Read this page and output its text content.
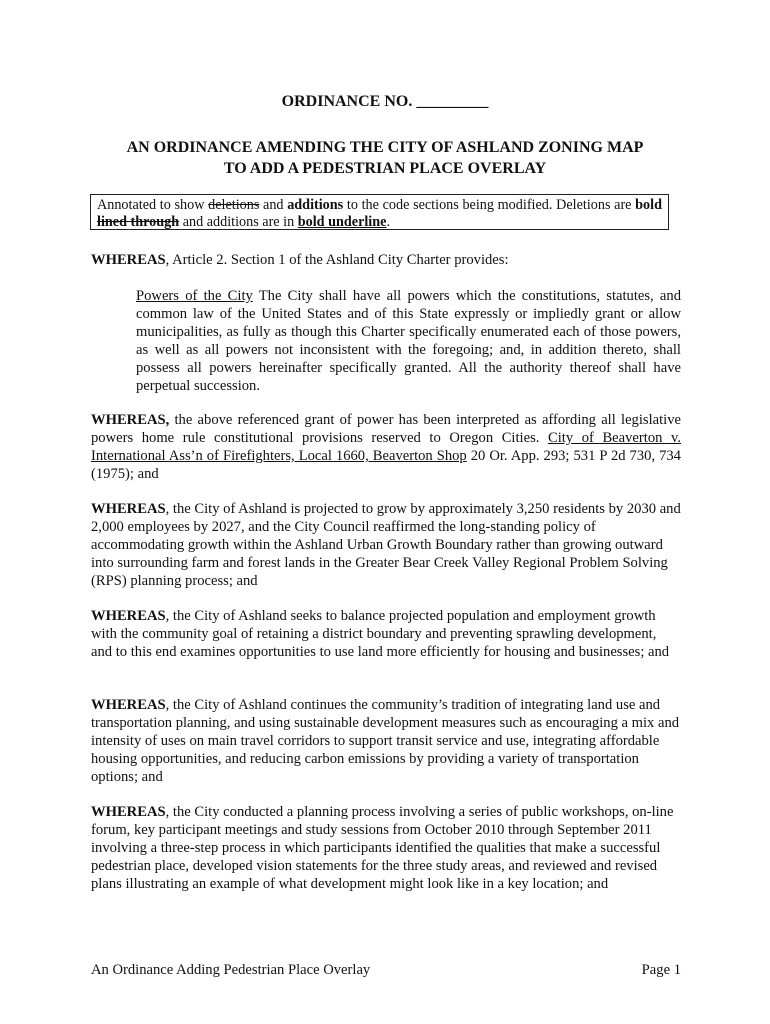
ORDINANCE NO. _________
AN ORDINANCE AMENDING THE CITY OF ASHLAND ZONING MAP
TO ADD A PEDESTRIAN PLACE OVERLAY
Annotated to show deletions and additions to the code sections being modified. Deletions are bold lined through and additions are in bold underline.
WHEREAS, Article 2. Section 1 of the Ashland City Charter provides:
Powers of the City The City shall have all powers which the constitutions, statutes, and common law of the United States and of this State expressly or impliedly grant or allow municipalities, as fully as though this Charter specifically enumerated each of those powers, as well as all powers not inconsistent with the foregoing; and, in addition thereto, shall possess all powers hereinafter specifically granted. All the authority thereof shall have perpetual succession.
WHEREAS, the above referenced grant of power has been interpreted as affording all legislative powers home rule constitutional provisions reserved to Oregon Cities. City of Beaverton v. International Ass’n of Firefighters, Local 1660, Beaverton Shop 20 Or. App. 293; 531 P 2d 730, 734 (1975); and
WHEREAS, the City of Ashland is projected to grow by approximately 3,250 residents by 2030 and 2,000 employees by 2027, and the City Council reaffirmed the long-standing policy of accommodating growth within the Ashland Urban Growth Boundary rather than growing outward into surrounding farm and forest lands in the Greater Bear Creek Valley Regional Problem Solving (RPS) planning process; and
WHEREAS, the City of Ashland seeks to balance projected population and employment growth with the community goal of retaining a district boundary and preventing sprawling development, and to this end examines opportunities to use land more efficiently for housing and businesses; and
WHEREAS, the City of Ashland continues the community’s tradition of integrating land use and transportation planning, and using sustainable development measures such as encouraging a mix and intensity of uses on main travel corridors to support transit service and use, integrating affordable housing opportunities, and reducing carbon emissions by providing a variety of transportation options; and
WHEREAS, the City conducted a planning process involving a series of public workshops, on-line forum, key participant meetings and study sessions from October 2010 through September 2011 involving a three-step process in which participants identified the qualities that make a successful pedestrian place, developed vision statements for the three study areas, and reviewed and revised plans illustrating an example of what development might look like in a key location; and
An Ordinance Adding Pedestrian Place Overlay	Page 1
